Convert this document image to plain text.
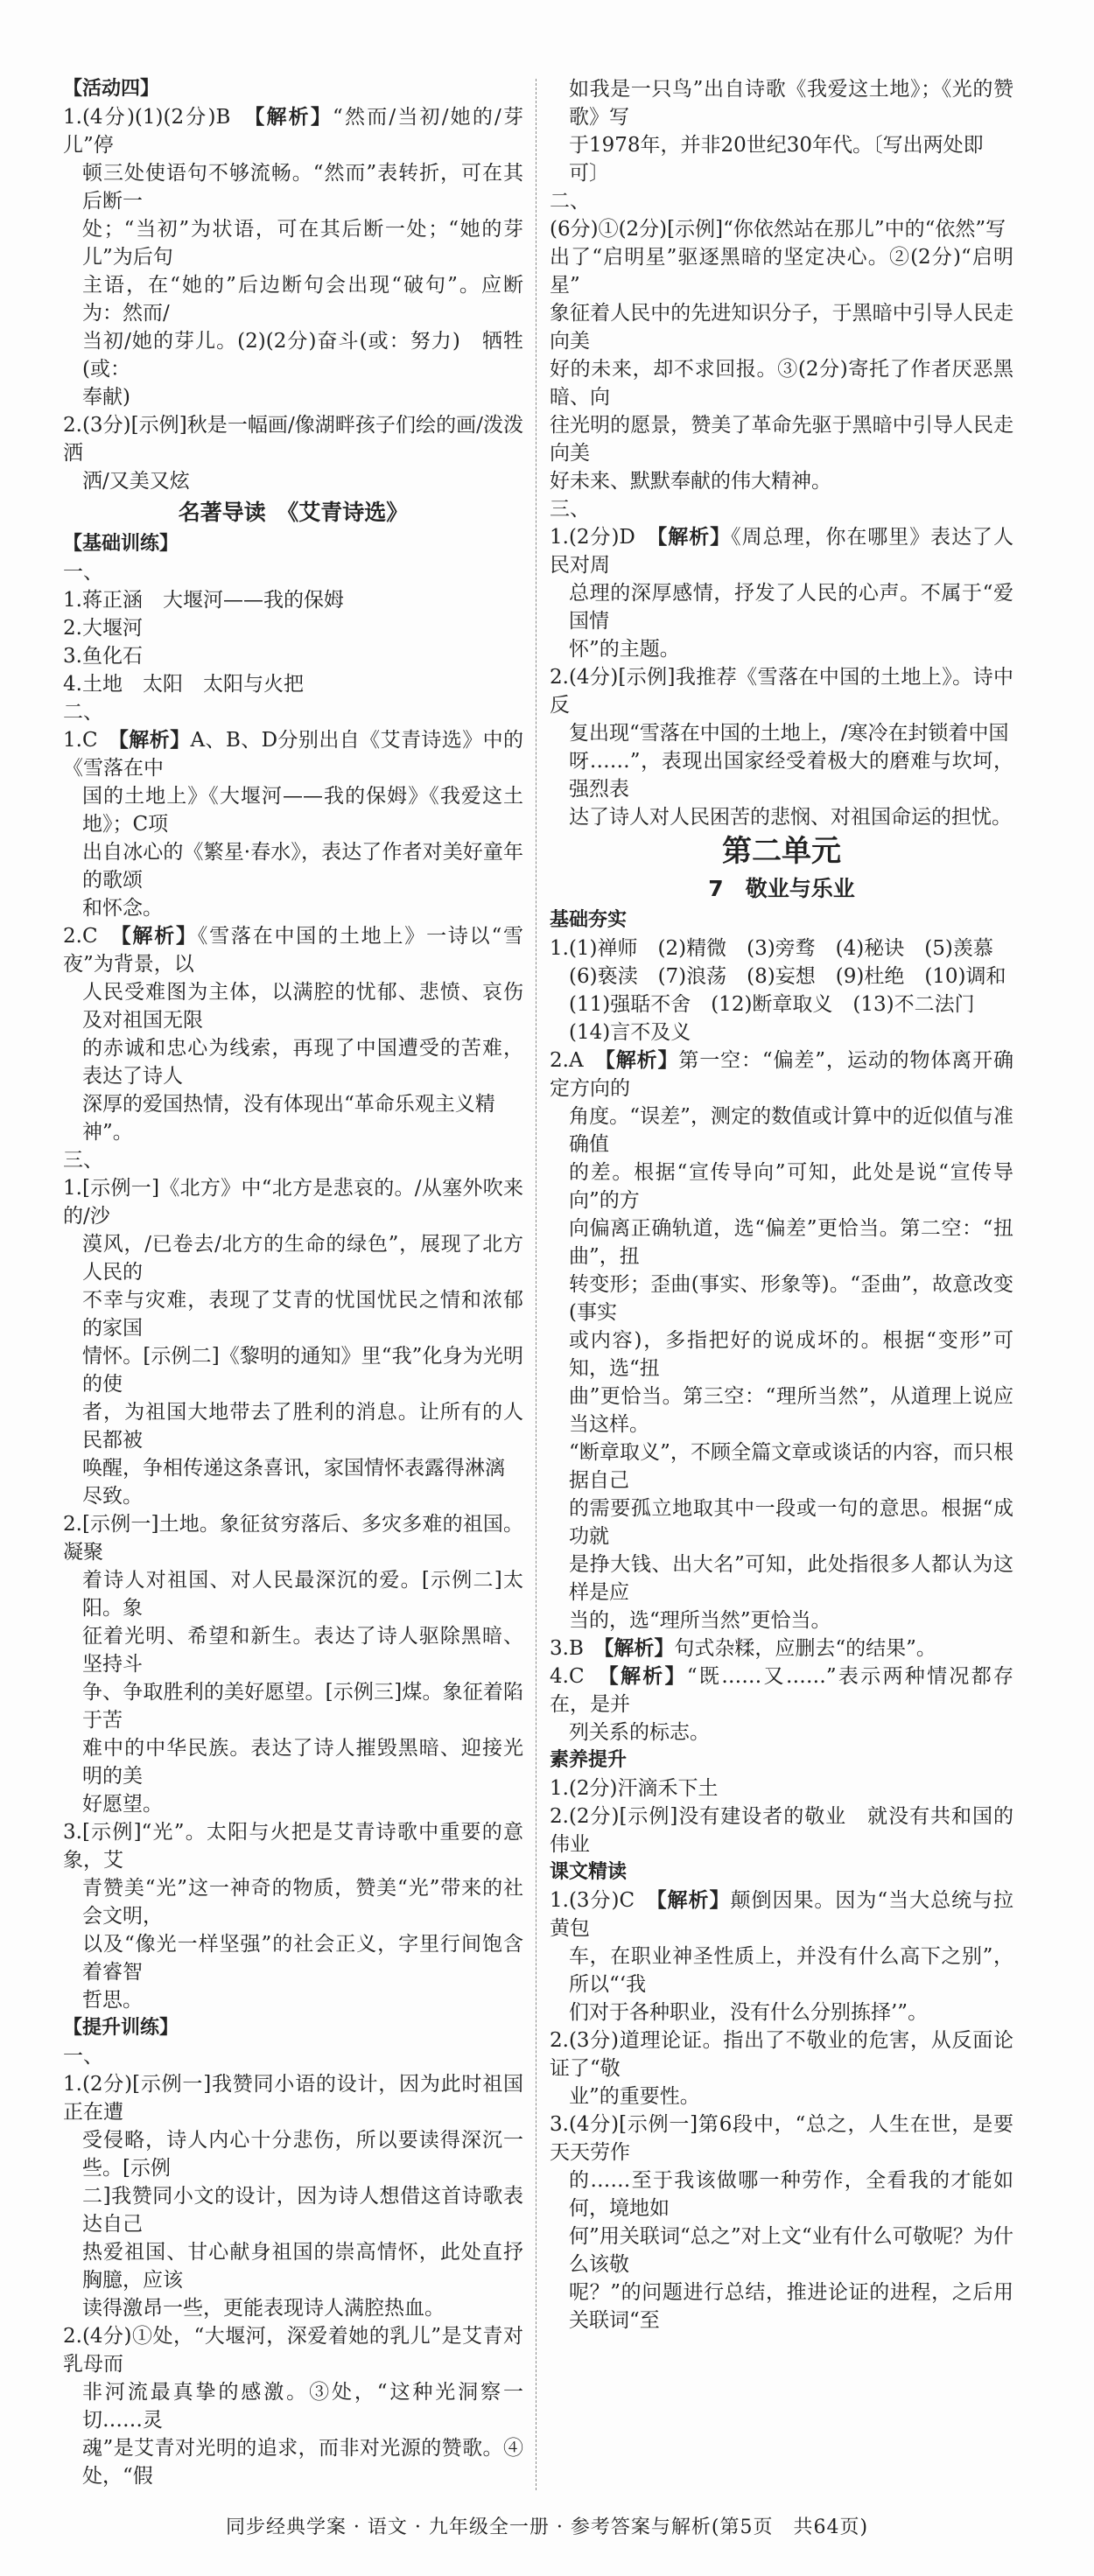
【活动四】
1.(4分)(1)(2分)B　【解析】“然而/当初/她的/芽儿”停
顿三处使语句不够流畅。“然而”表转折，可在其后断一
处；“当初”为状语，可在其后断一处；“她的芽儿”为后句
主语，在“她的”后边断句会出现“破句”。应断为：然而/
当初/她的芽儿。(2)(2分)奋斗(或：努力)　牺牲(或：
奉献)
2.(3分)[示例]秋是一幅画/像湖畔孩子们绘的画/泼泼洒
洒/又美又炫
名著导读　《艾青诗选》
【基础训练】
一、
1.蒋正涵　大堰河——我的保姆
2.大堰河
3.鱼化石
4.土地　太阳　太阳与火把
二、
1.C　【解析】A、B、D分别出自《艾青诗选》中的《雪落在中
国的土地上》《大堰河——我的保姆》《我爱这土地》；C项
出自冰心的《繁星·春水》，表达了作者对美好童年的歌颂
和怀念。
2.C　【解析】《雪落在中国的土地上》一诗以“雪夜”为背景，以
人民受难图为主体，以满腔的忧郁、悲愤、哀伤及对祖国无限
的赤诚和忠心为线索，再现了中国遭受的苦难，表达了诗人
深厚的爱国热情，没有体现出“革命乐观主义精神”。
三、
1.[示例一]《北方》中“北方是悲哀的。/从塞外吹来的/沙
漠风，/已卷去/北方的生命的绿色”，展现了北方人民的
不幸与灾难，表现了艾青的忧国忧民之情和浓郁的家国
情怀。[示例二]《黎明的通知》里“我”化身为光明的使
者，为祖国大地带去了胜利的消息。让所有的人民都被
唤醒，争相传递这条喜讯，家国情怀表露得淋漓尽致。
2.[示例一]土地。象征贫穷落后、多灾多难的祖国。凝聚
着诗人对祖国、对人民最深沉的爱。[示例二]太阳。象
征着光明、希望和新生。表达了诗人驱除黑暗、坚持斗
争、争取胜利的美好愿望。[示例三]煤。象征着陷于苦
难中的中华民族。表达了诗人摧毁黑暗、迎接光明的美
好愿望。
3.[示例]“光”。太阳与火把是艾青诗歌中重要的意象，艾
青赞美“光”这一神奇的物质，赞美“光”带来的社会文明，
以及“像光一样坚强”的社会正义，字里行间饱含着睿智
哲思。
【提升训练】
一、
1.(2分)[示例一]我赞同小语的设计，因为此时祖国正在遭
受侵略，诗人内心十分悲伤，所以要读得深沉一些。[示例
二]我赞同小文的设计，因为诗人想借这首诗歌表达自己
热爱祖国、甘心献身祖国的崇高情怀，此处直抒胸臆，应该
读得激昂一些，更能表现诗人满腔热血。
2.(4分)①处，“大堰河，深爱着她的乳儿”是艾青对乳母而
非河流最真挚的感激。③处，“这种光洞察一切……灵
魂”是艾青对光明的追求，而非对光源的赞歌。④处，“假
如我是一只鸟”出自诗歌《我爱这土地》；《光的赞歌》写
于1978年，并非20世纪30年代。〔写出两处即可〕
二、
(6分)①(2分)[示例]“你依然站在那儿”中的“依然”写
出了“启明星”驱逐黑暗的坚定决心。②(2分)“启明星”
象征着人民中的先进知识分子，于黑暗中引导人民走向美
好的未来，却不求回报。③(2分)寄托了作者厌恶黑暗、向
往光明的愿景，赞美了革命先驱于黑暗中引导人民走向美
好未来、默默奉献的伟大精神。
三、
1.(2分)D　【解析】《周总理，你在哪里》表达了人民对周
总理的深厚感情，抒发了人民的心声。不属于“爱国情
怀”的主题。
2.(4分)[示例]我推荐《雪落在中国的土地上》。诗中反
复出现“雪落在中国的土地上，/寒冷在封锁着中国
呀……”，表现出国家经受着极大的磨难与坎坷，强烈表
达了诗人对人民困苦的悲悯、对祖国命运的担忧。
第二单元
7　敬业与乐业
基础夯实
1.(1)禅师　(2)精微　(3)旁骛　(4)秘诀　(5)羡慕
(6)亵渎　(7)浪荡　(8)妄想　(9)杜绝　(10)调和
(11)强聒不舍　(12)断章取义　(13)不二法门
(14)言不及义
2.A　【解析】第一空：“偏差”，运动的物体离开确定方向的
角度。“误差”，测定的数值或计算中的近似值与准确值
的差。根据“宣传导向”可知，此处是说“宣传导向”的方
向偏离正确轨道，选“偏差”更恰当。第二空：“扭曲”，扭
转变形；歪曲(事实、形象等)。“歪曲”，故意改变(事实
或内容)，多指把好的说成坏的。根据“变形”可知，选“扭
曲”更恰当。第三空：“理所当然”，从道理上说应当这样。
“断章取义”，不顾全篇文章或谈话的内容，而只根据自己
的需要孤立地取其中一段或一句的意思。根据“成功就
是挣大钱、出大名”可知，此处指很多人都认为这样是应
当的，选“理所当然”更恰当。
3.B　【解析】句式杂糅，应删去“的结果”。
4.C　【解析】“既……又……”表示两种情况都存在，是并
列关系的标志。
素养提升
1.(2分)汗滴禾下土
2.(2分)[示例]没有建设者的敬业　就没有共和国的伟业
课文精读
1.(3分)C　【解析】颠倒因果。因为“当大总统与拉黄包
车，在职业神圣性质上，并没有什么高下之别”，所以“‘我
们对于各种职业，没有什么分别拣择’”。
2.(3分)道理论证。指出了不敬业的危害，从反面论证了“敬
业”的重要性。
3.(4分)[示例一]第6段中，“总之，人生在世，是要天天劳作
的……至于我该做哪一种劳作，全看我的才能如何，境地如
何”用关联词“总之”对上文“业有什么可敬呢？为什么该敬
呢？”的问题进行总结，推进论证的进程，之后用关联词“至
同步经典学案 · 语文 · 九年级全一册 · 参考答案与解析(第5页　共64页)
